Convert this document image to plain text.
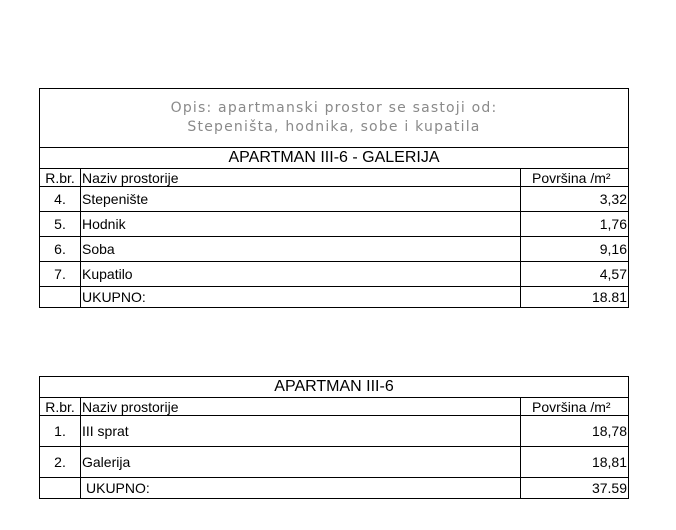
Opis: apartmanski prostor se sastoji od:
Stepeništa, hodnika, sobe i kupatila
APARTMAN III-6 - GALERIJA
R.br. Naziv prostorije	Površina /m²
4.	Stepenište	3,32
5.	Hodnik	1,76
6.	Soba	9,16
7.	Kupatilo	4,57
UKUPNO:	18.81
APARTMAN III-6
R.br. Naziv prostorije	Površina /m²
1.	III sprat	18,78
2.	Galerija	18,81
UKUPNO:	37.59
